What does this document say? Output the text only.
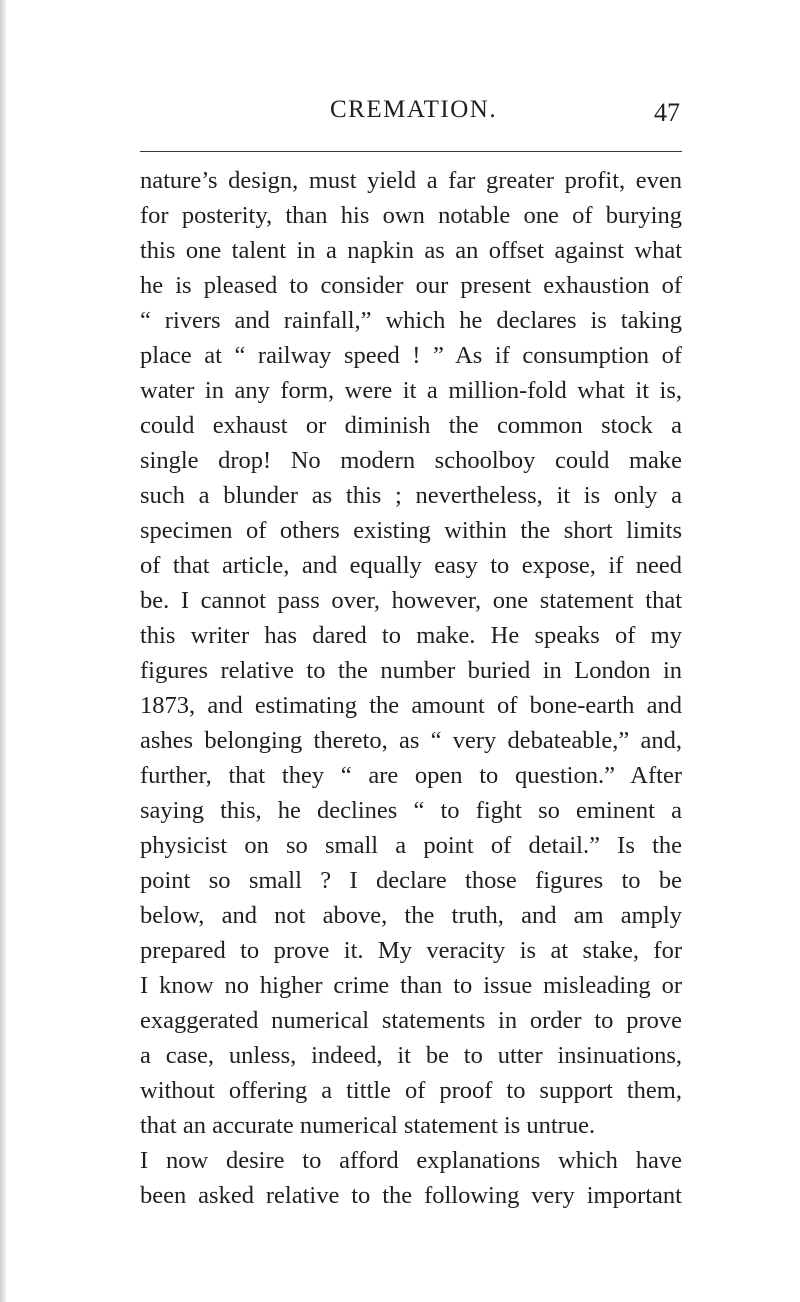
CREMATION.	47
nature’s design, must yield a far greater profit, even
for posterity, than his own notable one of burying
this one talent in a napkin as an offset against what
he is pleased to consider our present exhaustion of
“ rivers and rainfall,” which he declares is taking
place at “ railway speed ! ” As if consumption of
water in any form, were it a million-fold what it is,
could exhaust or diminish the common stock a
single drop! No modern schoolboy could make
such a blunder as this ; nevertheless, it is only a
specimen of others existing within the short limits
of that article, and equally easy to expose, if need
be. I cannot pass over, however, one statement that
this writer has dared to make. He speaks of my
figures relative to the number buried in London in
1873, and estimating the amount of bone-earth and
ashes belonging thereto, as “ very debateable,” and,
further, that they “ are open to question.” After
saying this, he declines “ to fight so eminent a
physicist on so small a point of detail.” Is the
point so small ? I declare those figures to be
below, and not above, the truth, and am amply
prepared to prove it. My veracity is at stake, for
I know no higher crime than to issue misleading or
exaggerated numerical statements in order to prove
a case, unless, indeed, it be to utter insinuations,
without offering a tittle of proof to support them,
that an accurate numerical statement is untrue.
I now desire to afford explanations which have
been asked relative to the following very important
